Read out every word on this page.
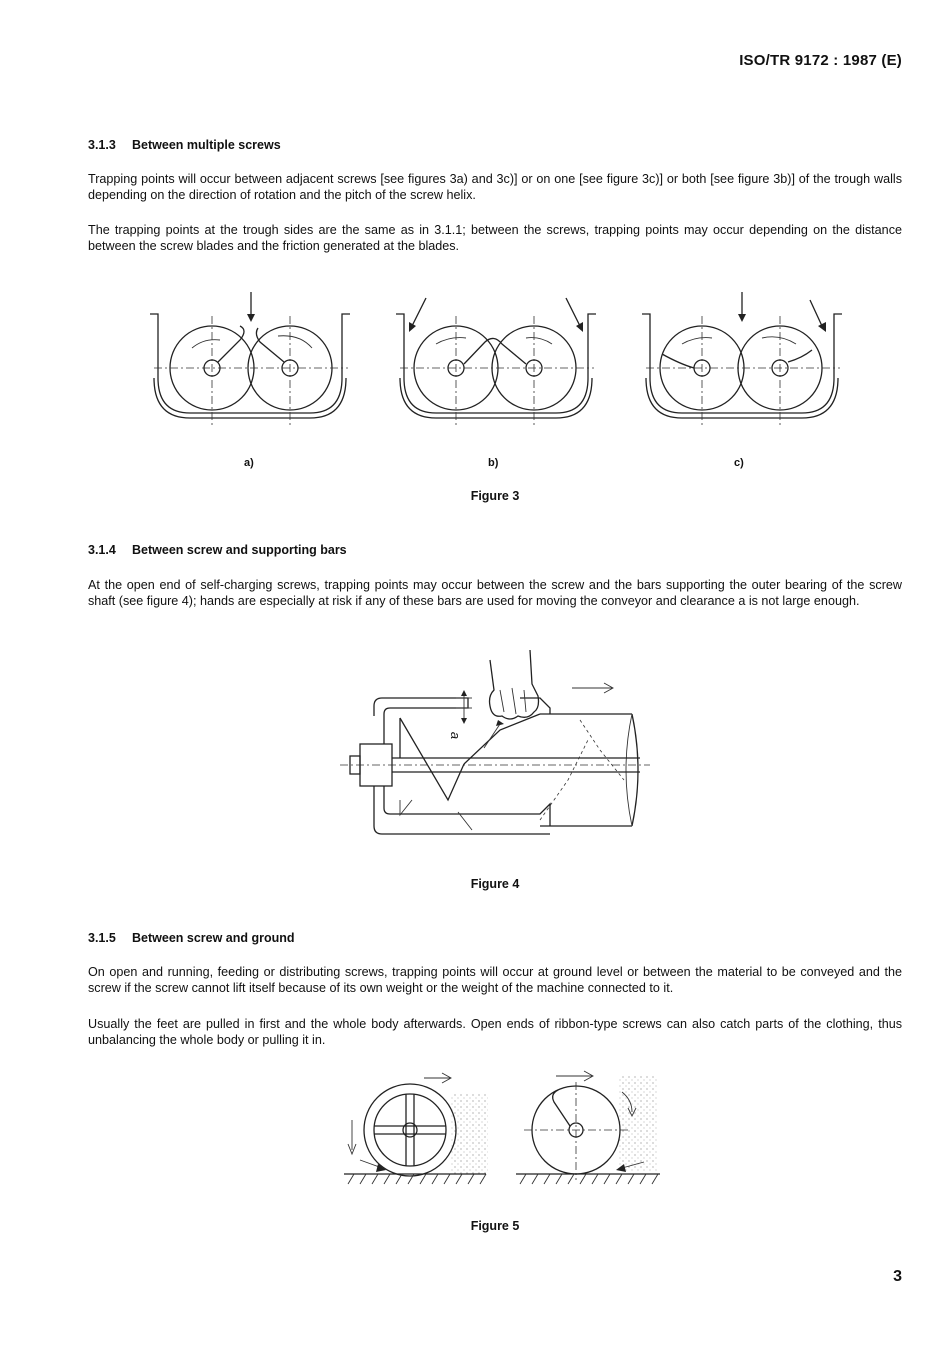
ISO/TR 9172 : 1987 (E)
3.1.3 Between multiple screws

Trapping points will occur between adjacent screws [see figures 3a) and 3c)] or on one [see figure 3c)] or both [see figure 3b)] of the trough walls depending on the direction of rotation and the pitch of the screw helix.

The trapping points at the trough sides are the same as in 3.1.1; between the screws, trapping points may occur depending on the distance between the screw blades and the friction generated at the blades.

a)	b)	c)
Figure 3
3.1.4 Between screw and supporting bars

At the open end of self-charging screws, trapping points may occur between the screw and the bars supporting the outer bearing of the screw shaft (see figure 4); hands are especially at risk if any of these bars are used for moving the conveyor and clearance a is not large enough.

a
Figure 4
3.1.5 Between screw and ground

On open and running, feeding or distributing screws, trapping points will occur at ground level or between the material to be conveyed and the screw if the screw cannot lift itself because of its own weight or the weight of the machine connected to it.

Usually the feet are pulled in first and the whole body afterwards. Open ends of ribbon-type screws can also catch parts of the clothing, thus unbalancing the whole body or pulling it in.

Figure 5
3
